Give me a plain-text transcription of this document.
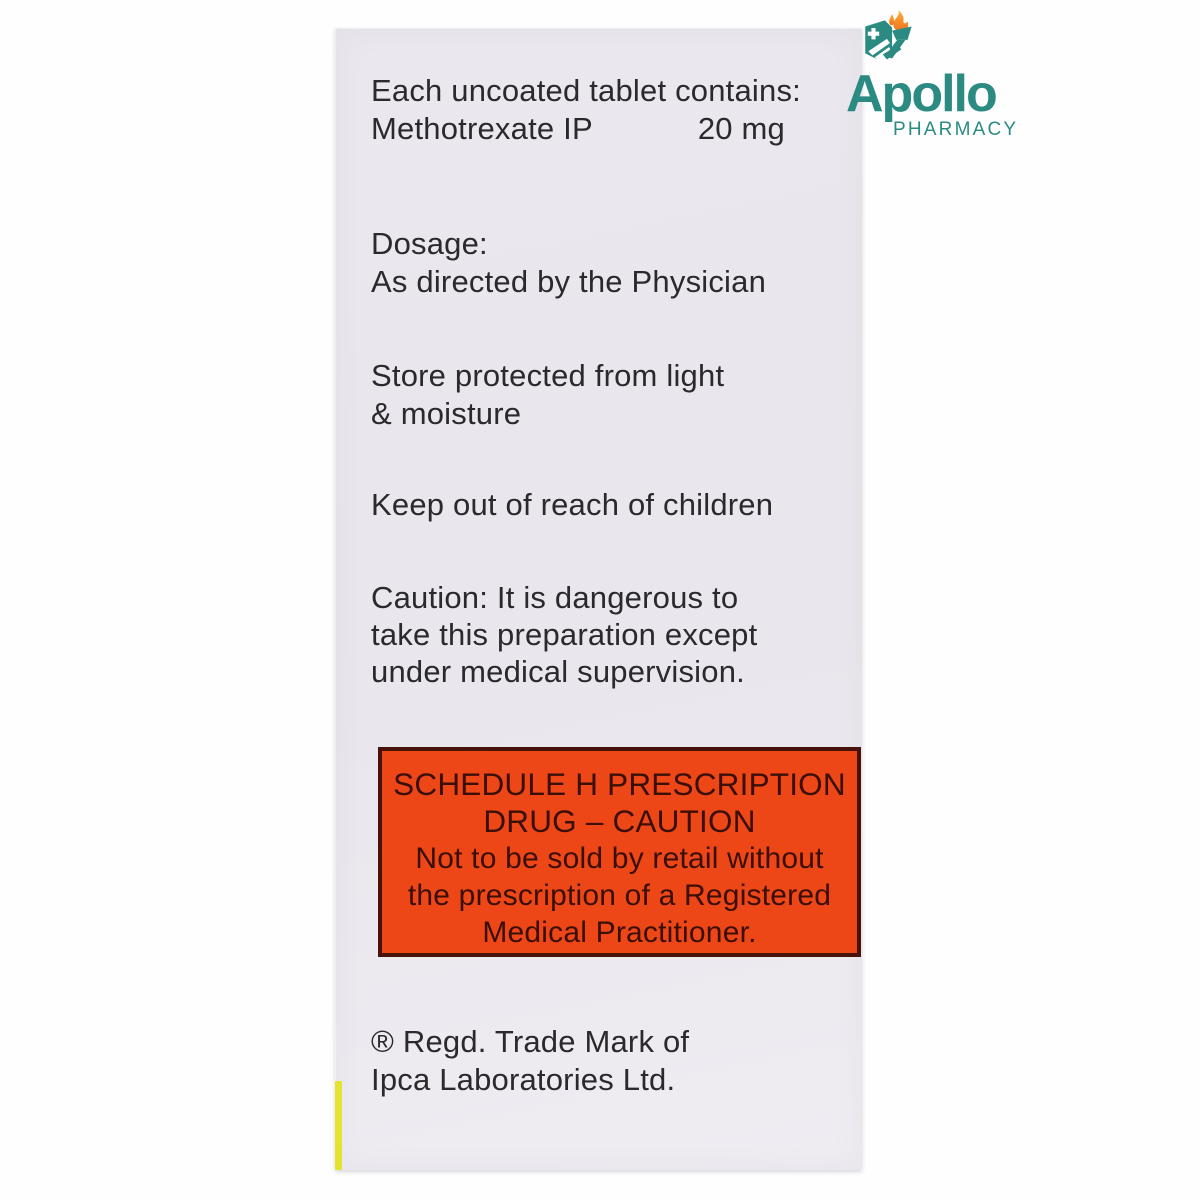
Each uncoated tablet contains:
Methotrexate IP	20 mg
Dosage:
As directed by the Physician
Store protected from light
& moisture
Keep out of reach of children
Caution: It is dangerous to
take this preparation except
under medical supervision.
SCHEDULE H PRESCRIPTION
DRUG – CAUTION
Not to be sold by retail without
the prescription of a Registered
Medical Practitioner.
® Regd. Trade Mark of
Ipca Laboratories Ltd.
Apollo
PHARMACY
